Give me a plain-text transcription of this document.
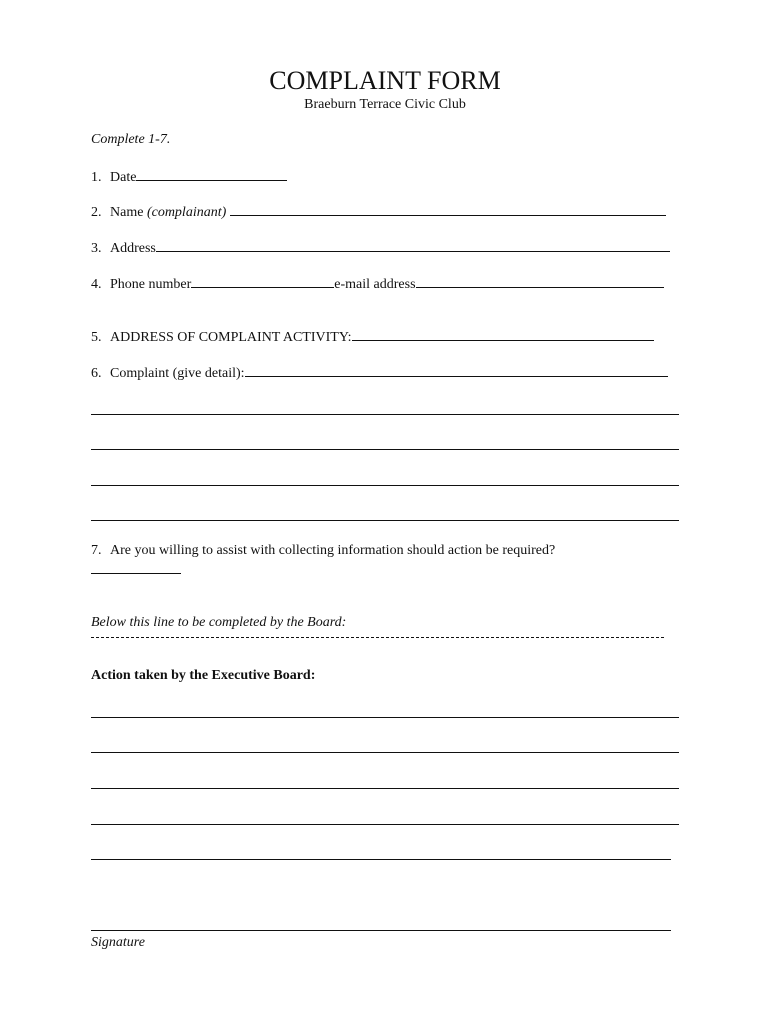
COMPLAINT FORM
Braeburn Terrace Civic Club
Complete 1-7.
1. Date
2. Name (complainant)
3. Address
4. Phone number	e-mail address
5. ADDRESS OF COMPLAINT ACTIVITY:
6. Complaint (give detail):
7. Are you willing to assist with collecting information should action be required?
Below this line to be completed by the Board:
Action taken by the Executive Board:
Signature
